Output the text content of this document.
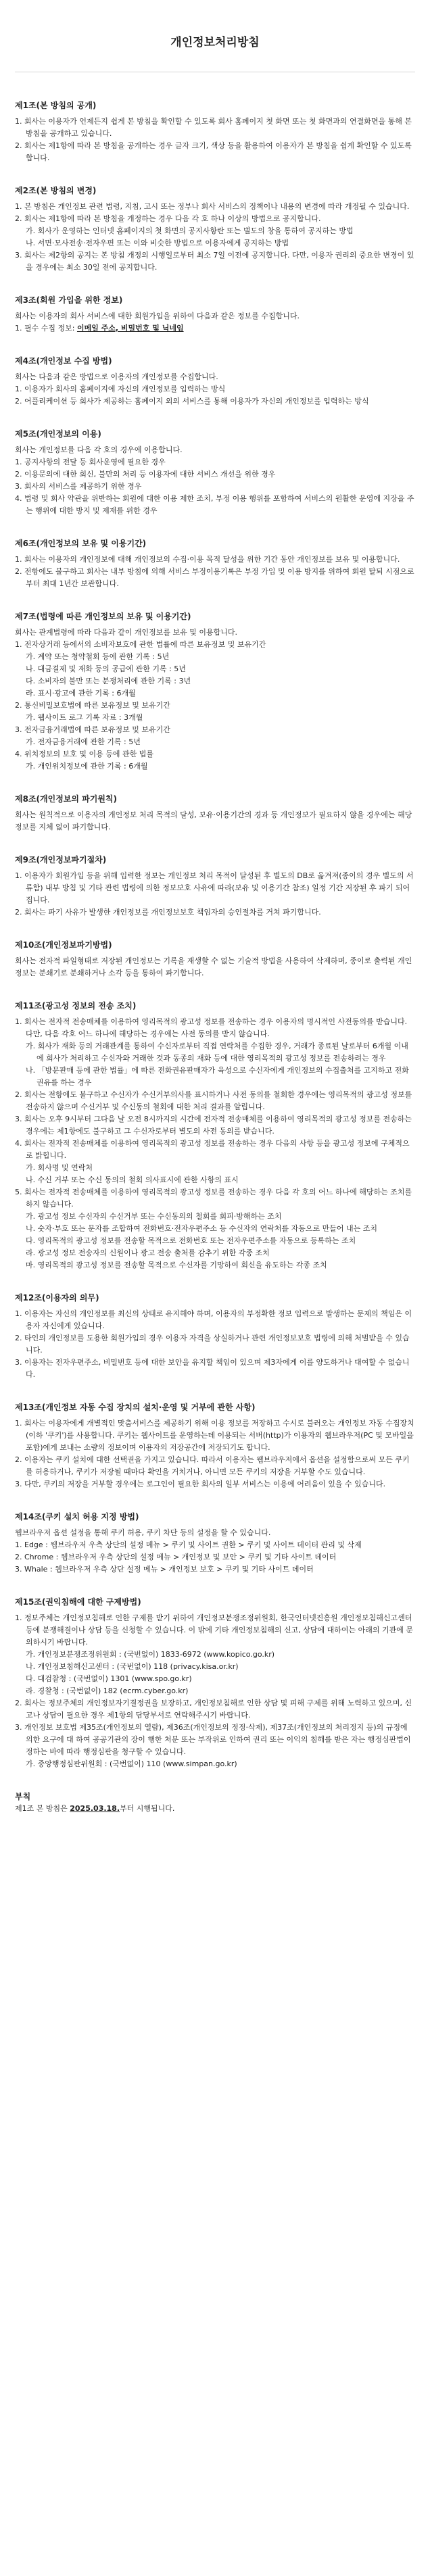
개인정보처리방침
제1조(본 방침의 공개)
1. 회사는 이용자가 언제든지 쉽게 본 방침을 확인할 수 있도록 회사 홈페이지 첫 화면 또는 첫 화면과의 연결화면을 통해 본 방침을 공개하고 있습니다.
2. 회사는 제1항에 따라 본 방침을 공개하는 경우 글자 크기, 색상 등을 활용하여 이용자가 본 방침을 쉽게 확인할 수 있도록 합니다.
제2조(본 방침의 변경)
1. 본 방침은 개인정보 관련 법령, 지침, 고시 또는 정부나 회사 서비스의 정책이나 내용의 변경에 따라 개정될 수 있습니다.
2. 회사는 제1항에 따라 본 방침을 개정하는 경우 다음 각 호 하나 이상의 방법으로 공지합니다.
가. 회사가 운영하는 인터넷 홈페이지의 첫 화면의 공지사항란 또는 별도의 창을 통하여 공지하는 방법
나. 서면·모사전송·전자우편 또는 이와 비슷한 방법으로 이용자에게 공지하는 방법
3. 회사는 제2항의 공지는 본 방침 개정의 시행일로부터 최소 7일 이전에 공지합니다. 다만, 이용자 권리의 중요한 변경이 있을 경우에는 최소 30일 전에 공지합니다.
제3조(회원 가입을 위한 정보)
회사는 이용자의 회사 서비스에 대한 회원가입을 위하여 다음과 같은 정보를 수집합니다.
1. 필수 수집 정보: 이메일 주소, 비밀번호 및 닉네임
제4조(개인정보 수집 방법)
회사는 다음과 같은 방법으로 이용자의 개인정보를 수집합니다.
1. 이용자가 회사의 홈페이지에 자신의 개인정보를 입력하는 방식
2. 어플리케이션 등 회사가 제공하는 홈페이지 외의 서비스를 통해 이용자가 자신의 개인정보를 입력하는 방식
제5조(개인정보의 이용)
회사는 개인정보를 다음 각 호의 경우에 이용합니다.
1. 공지사항의 전달 등 회사운영에 필요한 경우
2. 이용문의에 대한 회신, 불만의 처리 등 이용자에 대한 서비스 개선을 위한 경우
3. 회사의 서비스를 제공하기 위한 경우
4. 법령 및 회사 약관을 위반하는 회원에 대한 이용 제한 조치, 부정 이용 행위를 포함하여 서비스의 원활한 운영에 지장을 주는 행위에 대한 방지 및 제재를 위한 경우
제6조(개인정보의 보유 및 이용기간)
1. 회사는 이용자의 개인정보에 대해 개인정보의 수집·이용 목적 달성을 위한 기간 동안 개인정보를 보유 및 이용합니다.
2. 전항에도 불구하고 회사는 내부 방침에 의해 서비스 부정이용기록은 부정 가입 및 이용 방지를 위하여 회원 탈퇴 시점으로부터 최대 1년간 보관합니다.
제7조(법령에 따른 개인정보의 보유 및 이용기간)
회사는 관계법령에 따라 다음과 같이 개인정보를 보유 및 이용합니다.
1. 전자상거래 등에서의 소비자보호에 관한 법률에 따른 보유정보 및 보유기간
가. 계약 또는 청약철회 등에 관한 기록 : 5년
나. 대금결제 및 재화 등의 공급에 관한 기록 : 5년
다. 소비자의 불만 또는 분쟁처리에 관한 기록 : 3년
라. 표시·광고에 관한 기록 : 6개월
2. 통신비밀보호법에 따른 보유정보 및 보유기간
가. 웹사이트 로그 기록 자료 : 3개월
3. 전자금융거래법에 따른 보유정보 및 보유기간
가. 전자금융거래에 관한 기록 : 5년
4. 위치정보의 보호 및 이용 등에 관한 법률
가. 개인위치정보에 관한 기록 : 6개월
제8조(개인정보의 파기원칙)
회사는 원칙적으로 이용자의 개인정보 처리 목적의 달성, 보유·이용기간의 경과 등 개인정보가 필요하지 않을 경우에는 해당 정보를 지체 없이 파기합니다.
제9조(개인정보파기절차)
1. 이용자가 회원가입 등을 위해 입력한 정보는 개인정보 처리 목적이 달성된 후 별도의 DB로 옮겨져(종이의 경우 별도의 서류함) 내부 방침 및 기타 관련 법령에 의한 정보보호 사유에 따라(보유 및 이용기간 참조) 일정 기간 저장된 후 파기 되어집니다.
2. 회사는 파기 사유가 발생한 개인정보를 개인정보보호 책임자의 승인절차를 거쳐 파기합니다.
제10조(개인정보파기방법)
회사는 전자적 파일형태로 저장된 개인정보는 기록을 재생할 수 없는 기술적 방법을 사용하여 삭제하며, 종이로 출력된 개인정보는 분쇄기로 분쇄하거나 소각 등을 통하여 파기합니다.
제11조(광고성 정보의 전송 조치)
1. 회사는 전자적 전송매체를 이용하여 영리목적의 광고성 정보를 전송하는 경우 이용자의 명시적인 사전동의를 받습니다. 다만, 다음 각호 어느 하나에 해당하는 경우에는 사전 동의를 받지 않습니다.
가. 회사가 재화 등의 거래관계를 통하여 수신자로부터 직접 연락처를 수집한 경우, 거래가 종료된 날로부터 6개월 이내에 회사가 처리하고 수신자와 거래한 것과 동종의 재화 등에 대한 영리목적의 광고성 정보를 전송하려는 경우
나. 「방문판매 등에 관한 법률」에 따른 전화권유판매자가 육성으로 수신자에게 개인정보의 수집출처를 고지하고 전화권유를 하는 경우
2. 회사는 전항에도 불구하고 수신자가 수신거부의사를 표시하거나 사전 동의를 철회한 경우에는 영리목적의 광고성 정보를 전송하지 않으며 수신거부 및 수신동의 철회에 대한 처리 결과를 알립니다.
3. 회사는 오후 9시부터 그다음 날 오전 8시까지의 시간에 전자적 전송매체를 이용하여 영리목적의 광고성 정보를 전송하는 경우에는 제1항에도 불구하고 그 수신자로부터 별도의 사전 동의를 받습니다.
4. 회사는 전자적 전송매체를 이용하여 영리목적의 광고성 정보를 전송하는 경우 다음의 사항 등을 광고성 정보에 구체적으로 밝힙니다.
가. 회사명 및 연락처
나. 수신 거부 또는 수신 동의의 철회 의사표시에 관한 사항의 표시
5. 회사는 전자적 전송매체를 이용하여 영리목적의 광고성 정보를 전송하는 경우 다음 각 호의 어느 하나에 해당하는 조치를 하지 않습니다.
가. 광고성 정보 수신자의 수신거부 또는 수신동의의 철회를 회피·방해하는 조치
나. 숫자·부호 또는 문자를 조합하여 전화번호·전자우편주소 등 수신자의 연락처를 자동으로 만들어 내는 조치
다. 영리목적의 광고성 정보를 전송할 목적으로 전화번호 또는 전자우편주소를 자동으로 등록하는 조치
라. 광고성 정보 전송자의 신원이나 광고 전송 출처를 감추기 위한 각종 조치
마. 영리목적의 광고성 정보를 전송할 목적으로 수신자를 기망하여 회신을 유도하는 각종 조치
제12조(이용자의 의무)
1. 이용자는 자신의 개인정보를 최신의 상태로 유지해야 하며, 이용자의 부정확한 정보 입력으로 발생하는 문제의 책임은 이용자 자신에게 있습니다.
2. 타인의 개인정보를 도용한 회원가입의 경우 이용자 자격을 상실하거나 관련 개인정보보호 법령에 의해 처벌받을 수 있습니다.
3. 이용자는 전자우편주소, 비밀번호 등에 대한 보안을 유지할 책임이 있으며 제3자에게 이를 양도하거나 대여할 수 없습니다.
제13조(개인정보 자동 수집 장치의 설치·운영 및 거부에 관한 사항)
1. 회사는 이용자에게 개별적인 맞춤서비스를 제공하기 위해 이용 정보를 저장하고 수시로 불러오는 개인정보 자동 수집장치(이하 '쿠키')를 사용합니다. 쿠키는 웹사이트를 운영하는데 이용되는 서버(http)가 이용자의 웹브라우저(PC 및 모바일을 포함)에게 보내는 소량의 정보이며 이용자의 저장공간에 저장되기도 합니다.
2. 이용자는 쿠키 설치에 대한 선택권을 가지고 있습니다. 따라서 이용자는 웹브라우저에서 옵션을 설정함으로써 모든 쿠키를 허용하거나, 쿠키가 저장될 때마다 확인을 거치거나, 아니면 모든 쿠키의 저장을 거부할 수도 있습니다.
3. 다만, 쿠키의 저장을 거부할 경우에는 로그인이 필요한 회사의 일부 서비스는 이용에 어려움이 있을 수 있습니다.
제14조(쿠키 설치 허용 지정 방법)
웹브라우저 옵션 설정을 통해 쿠키 허용, 쿠키 차단 등의 설정을 할 수 있습니다.
1. Edge : 웹브라우저 우측 상단의 설정 메뉴 > 쿠키 및 사이트 권한 > 쿠키 및 사이트 데이터 관리 및 삭제
2. Chrome : 웹브라우저 우측 상단의 설정 메뉴 > 개인정보 및 보안 > 쿠키 및 기타 사이트 데이터
3. Whale : 웹브라우저 우측 상단 설정 메뉴 > 개인정보 보호 > 쿠키 및 기타 사이트 데이터
제15조(권익침해에 대한 구제방법)
1. 정보주체는 개인정보침해로 인한 구제를 받기 위하여 개인정보분쟁조정위원회, 한국인터넷진흥원 개인정보침해신고센터 등에 분쟁해결이나 상담 등을 신청할 수 있습니다. 이 밖에 기타 개인정보침해의 신고, 상담에 대하여는 아래의 기관에 문의하시기 바랍니다.
가. 개인정보분쟁조정위원회 : (국번없이) 1833-6972 (www.kopico.go.kr)
나. 개인정보침해신고센터 : (국번없이) 118 (privacy.kisa.or.kr)
다. 대검찰청 : (국번없이) 1301 (www.spo.go.kr)
라. 경찰청 : (국번없이) 182 (ecrm.cyber.go.kr)
2. 회사는 정보주체의 개인정보자기결정권을 보장하고, 개인정보침해로 인한 상담 및 피해 구제를 위해 노력하고 있으며, 신고나 상담이 필요한 경우 제1항의 담당부서로 연락해주시기 바랍니다.
3. 개인정보 보호법 제35조(개인정보의 열람), 제36조(개인정보의 정정·삭제), 제37조(개인정보의 처리정지 등)의 규정에 의한 요구에 대 하여 공공기관의 장이 행한 처분 또는 부작위로 인하여 권리 또는 이익의 침해를 받은 자는 행정심판법이 정하는 바에 따라 행정심판을 청구할 수 있습니다.
가. 중앙행정심판위원회 : (국번없이) 110 (www.simpan.go.kr)
부칙
제1조 본 방침은 2025.03.18.부터 시행됩니다.
